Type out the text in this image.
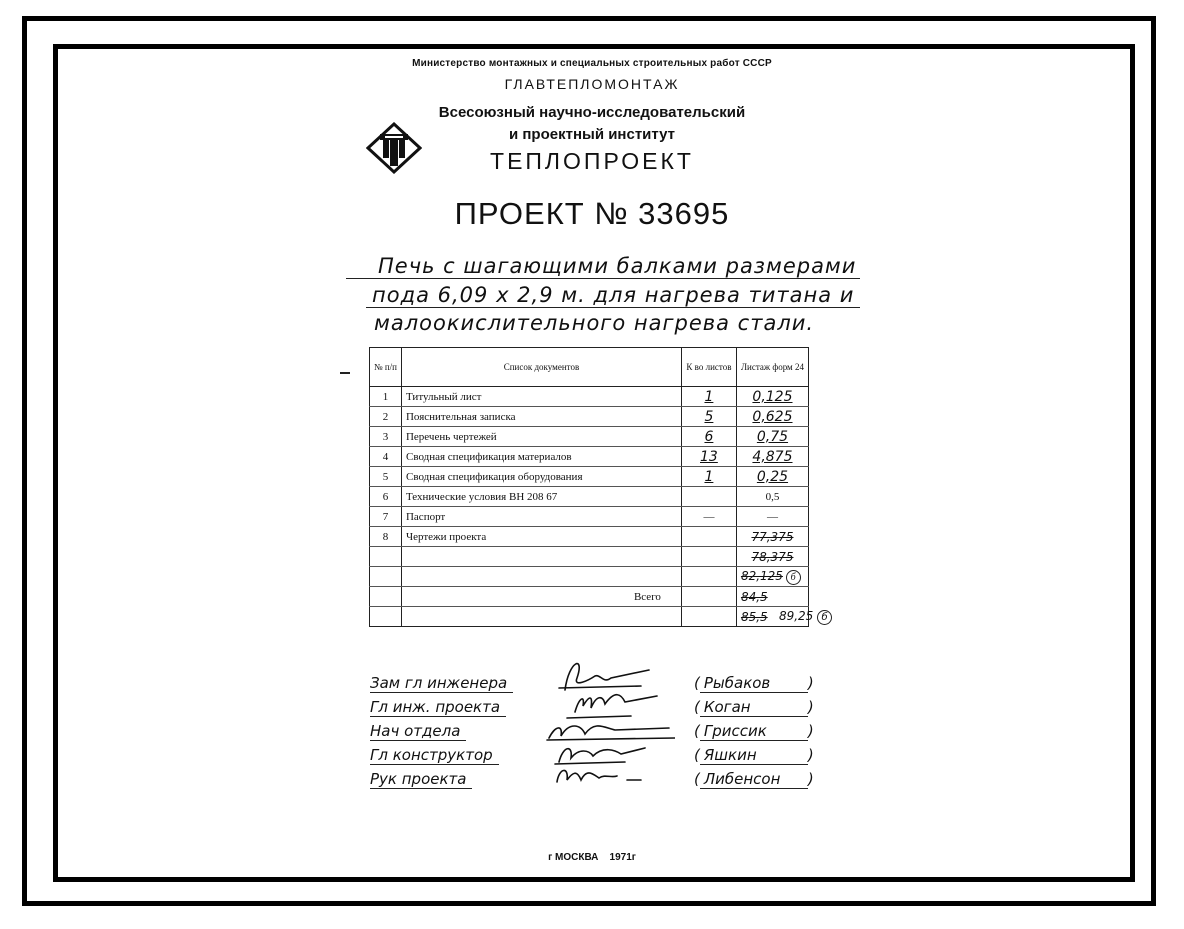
Министерство монтажных и специальных строительных работ СССР
ГЛАВТЕПЛОМОНТАЖ
Всесоюзный научно-исследовательский
и проектный институт
ТЕПЛОПРОЕКТ
ПРОЕКТ № 33695
Печь с шагающими балками размерами
пода 6,09 х 2,9 м. для нагрева титана и
малоокислительного нагрева стали.
№ п/п	Список документов	К во листов	Листаж форм 24
1	Титульный лист	1	0,125
2	Пояснительная записка	5	0,625
3	Перечень чертежей	6	0,75
4	Сводная спецификация материалов	13	4,875
5	Сводная спецификация оборудования	1	0,25
6	Технические условия ВН 208 67		0,5
7	Паспорт	—	—
8	Чертежи проекта		77,375
			78,375
			82,125 б
	Всего		84,5
			85,5 89,25 б
Зам гл инженера
Гл инж. проекта
Нач отдела
Гл конструктор
Рук проекта
( Рыбаков	)
( Коган	)
( Гриссик	)
( Яшкин	)
( Либенсон )
г МОСКВА 1971г
